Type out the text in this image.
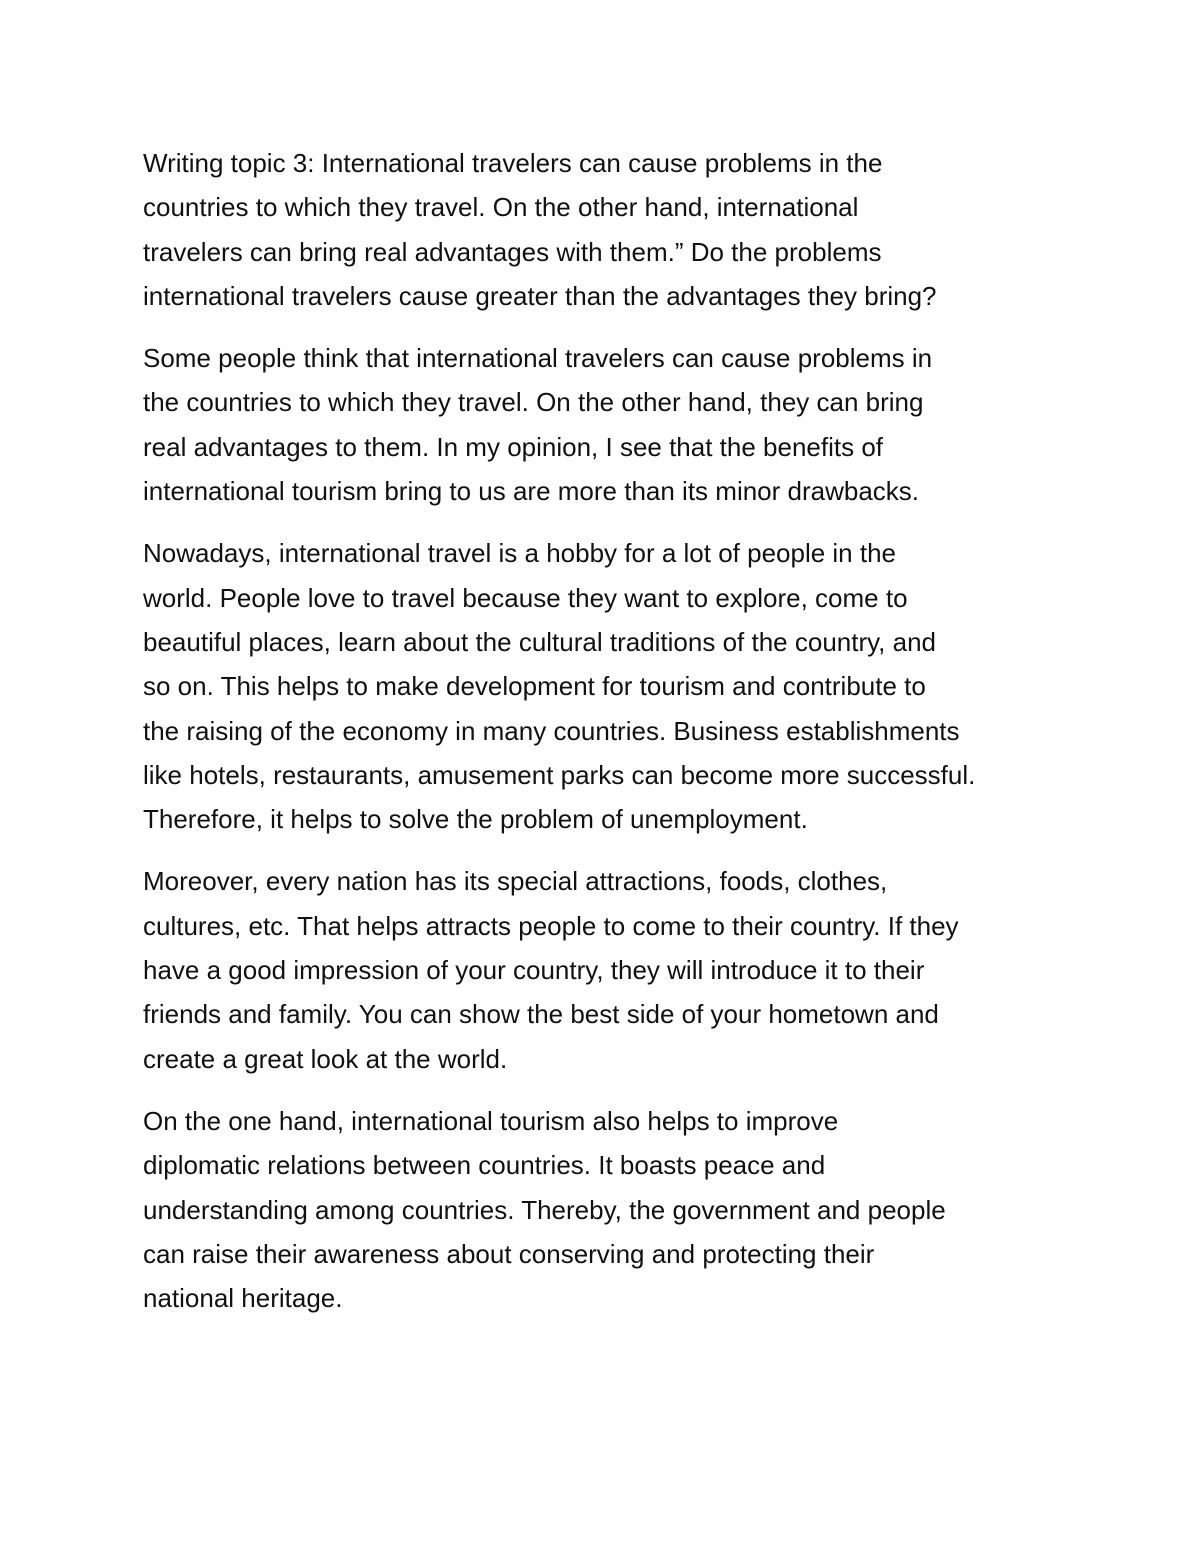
Writing topic 3: International travelers can cause problems in the
countries to which they travel. On the other hand, international
travelers can bring real advantages with them.” Do the problems
international travelers cause greater than the advantages they bring?

Some people think that international travelers can cause problems in
the countries to which they travel. On the other hand, they can bring
real advantages to them. In my opinion, I see that the benefits of
international tourism bring to us are more than its minor drawbacks.

Nowadays, international travel is a hobby for a lot of people in the
world. People love to travel because they want to explore, come to
beautiful places, learn about the cultural traditions of the country, and
so on. This helps to make development for tourism and contribute to
the raising of the economy in many countries. Business establishments
like hotels, restaurants, amusement parks can become more successful.
Therefore, it helps to solve the problem of unemployment.

Moreover, every nation has its special attractions, foods, clothes,
cultures, etc. That helps attracts people to come to their country. If they
have a good impression of your country, they will introduce it to their
friends and family. You can show the best side of your hometown and
create a great look at the world.

On the one hand, international tourism also helps to improve
diplomatic relations between countries. It boasts peace and
understanding among countries. Thereby, the government and people
can raise their awareness about conserving and protecting their
national heritage.
